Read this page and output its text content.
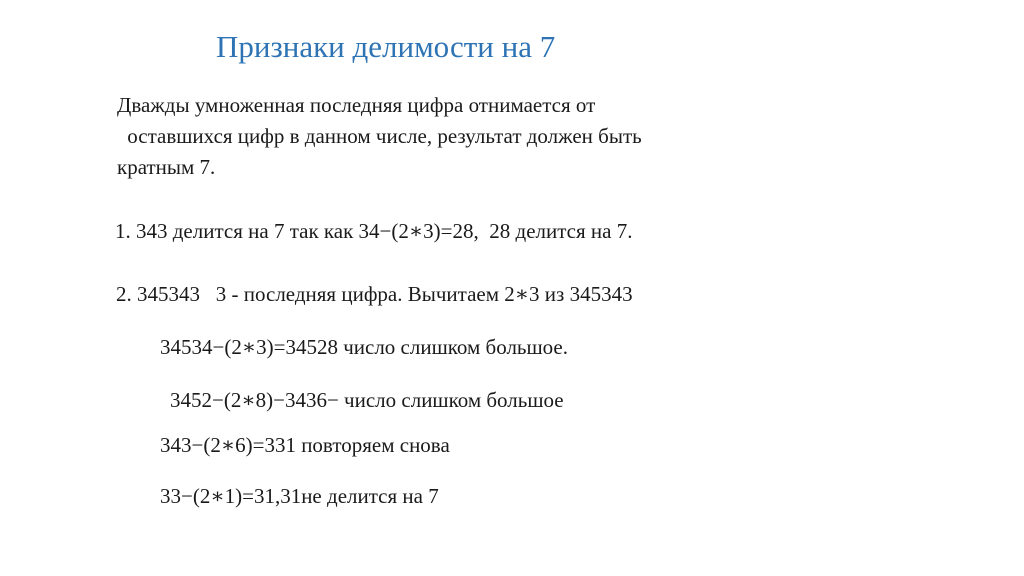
Признаки делимости на 7
Дважды умноженная последняя цифра отнимается от
оставшихся цифр в данном числе, результат должен быть
кратным 7.
1. 343 делится на 7 так как 34−(2∗3)=28,  28 делится на 7.
2. 345343   3 - последняя цифра. Вычитаем 2∗3 из 345343
34534−(2∗3)=34528 число слишком большое.
3452−(2∗8)−3436− число слишком большое
343−(2∗6)=331 повторяем снова
33−(2∗1)=31,31не делится на 7
